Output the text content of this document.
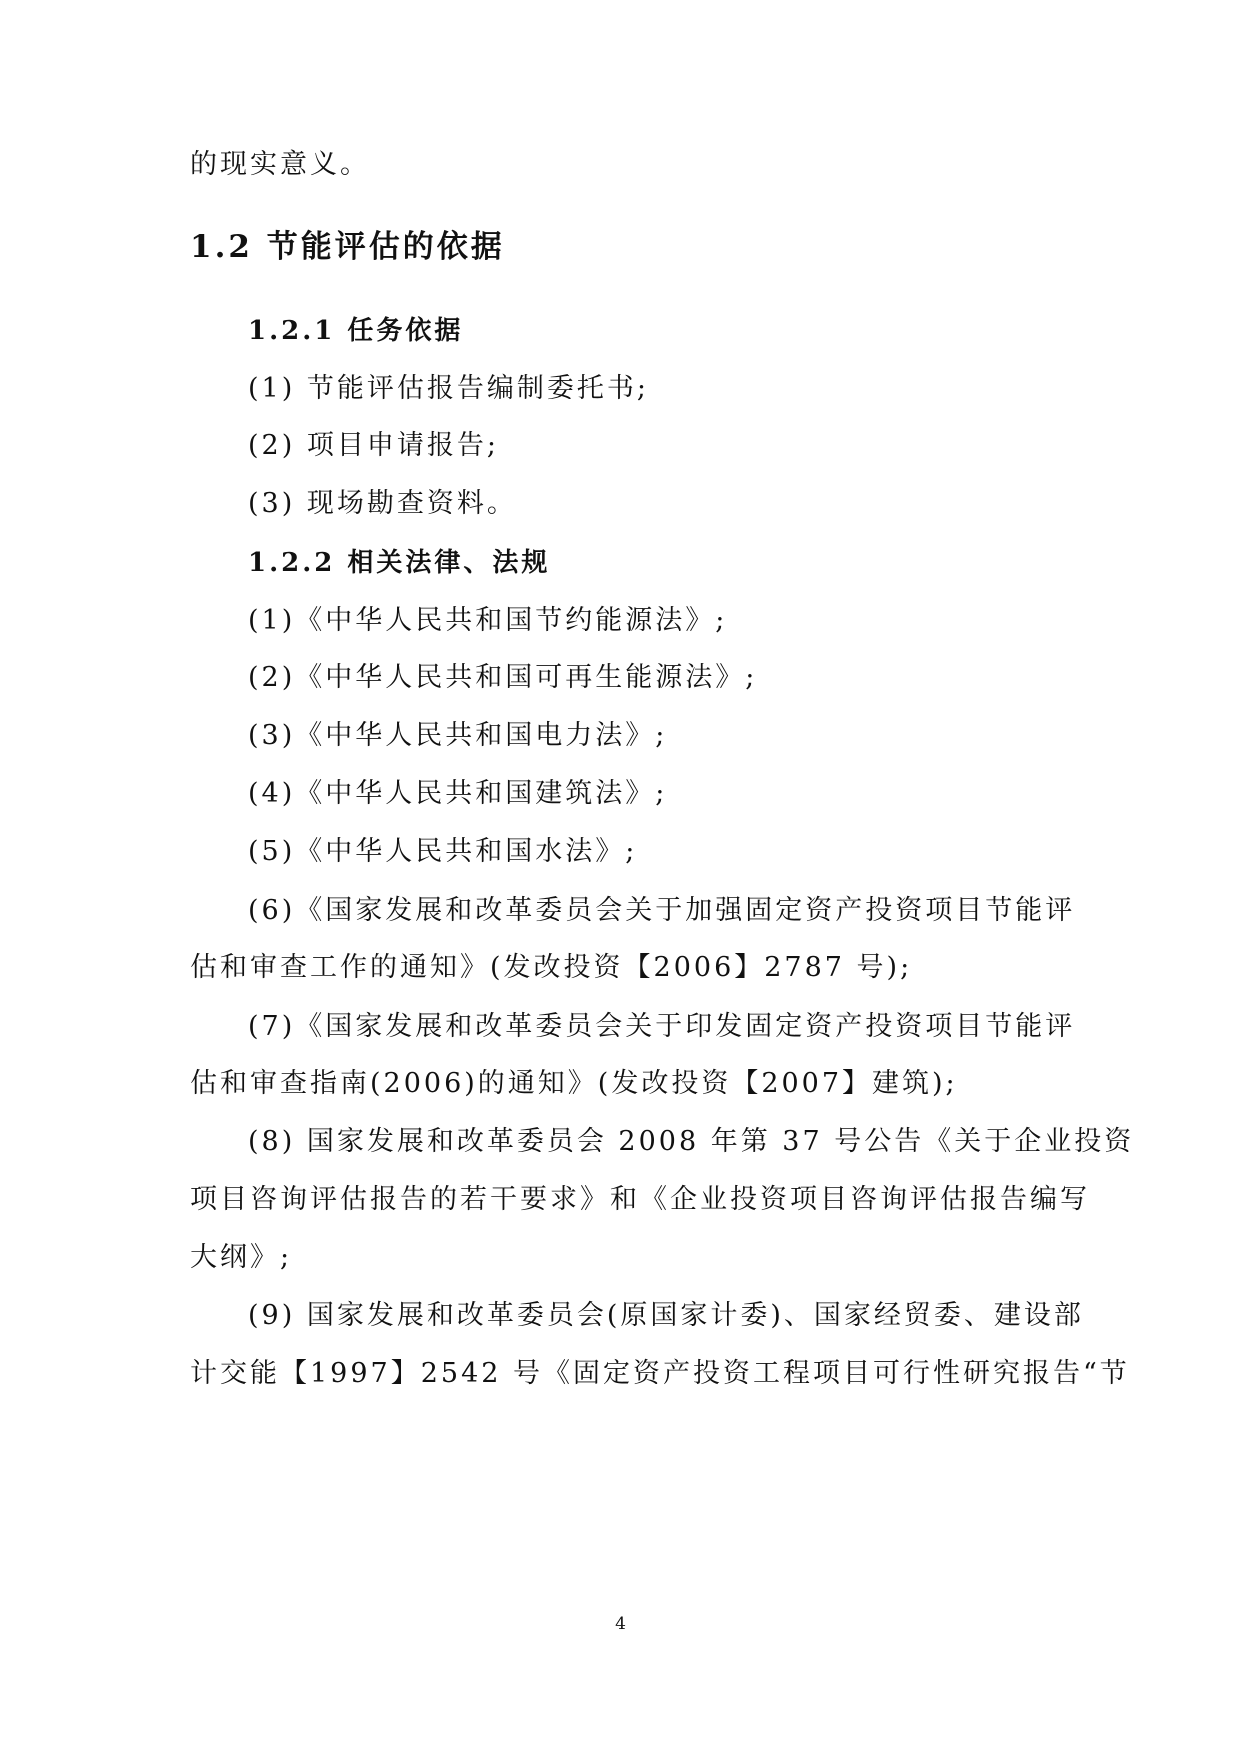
的现实意义。
1.2 节能评估的依据
1.2.1 任务依据
(1) 节能评估报告编制委托书;
(2) 项目申请报告;
(3) 现场勘查资料。
1.2.2 相关法律、法规
(1)《中华人民共和国节约能源法》;
(2)《中华人民共和国可再生能源法》;
(3)《中华人民共和国电力法》;
(4)《中华人民共和国建筑法》;
(5)《中华人民共和国水法》;
(6)《国家发展和改革委员会关于加强固定资产投资项目节能评
估和审查工作的通知》(发改投资【2006】2787 号);
(7)《国家发展和改革委员会关于印发固定资产投资项目节能评
估和审查指南(2006)的通知》(发改投资【2007】建筑);
(8) 国家发展和改革委员会 2008 年第 37 号公告《关于企业投资
项目咨询评估报告的若干要求》和《企业投资项目咨询评估报告编写
大纲》;
(9) 国家发展和改革委员会(原国家计委)、国家经贸委、建设部
计交能【1997】2542 号《固定资产投资工程项目可行性研究报告“节
4
